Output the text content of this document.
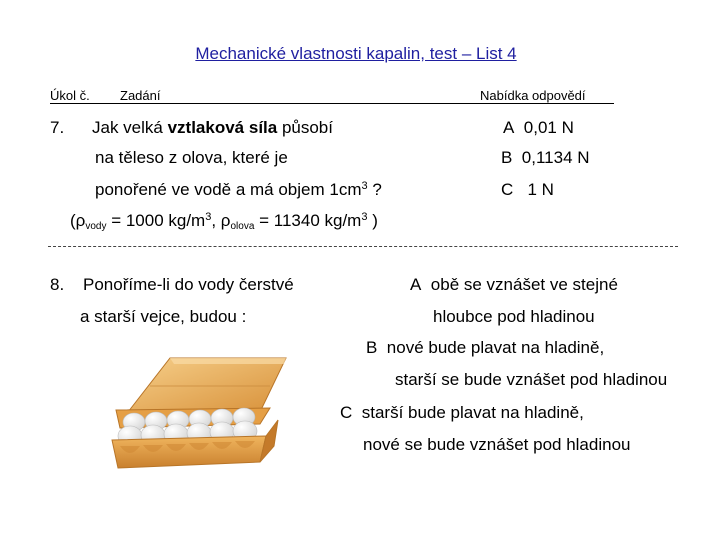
Mechanické vlastnosti kapalin, test – List 4
Úkol č. Zadání	Nabídka odpovědí
7. Jak velká vztlaková síla působí
na těleso z olova, které je
ponořené ve vodě a má objem $1cm^3$ ?
($\rho_{vody} = 1000$ $kg/m^3$, $\rho_{olova} = 11340$ $kg/m^3$ )
A 0,01 N
B 0,1134 N
C 1 N
8. Ponoříme-li do vody čerstvé
a starší vejce, budou :
A obě se vznášet ve stejné
hloubce pod hladinou
B nové bude plavat na hladině,
starší se bude vznášet pod hladinou
C starší bude plavat na hladině,
nové se bude vznášet pod hladinou
